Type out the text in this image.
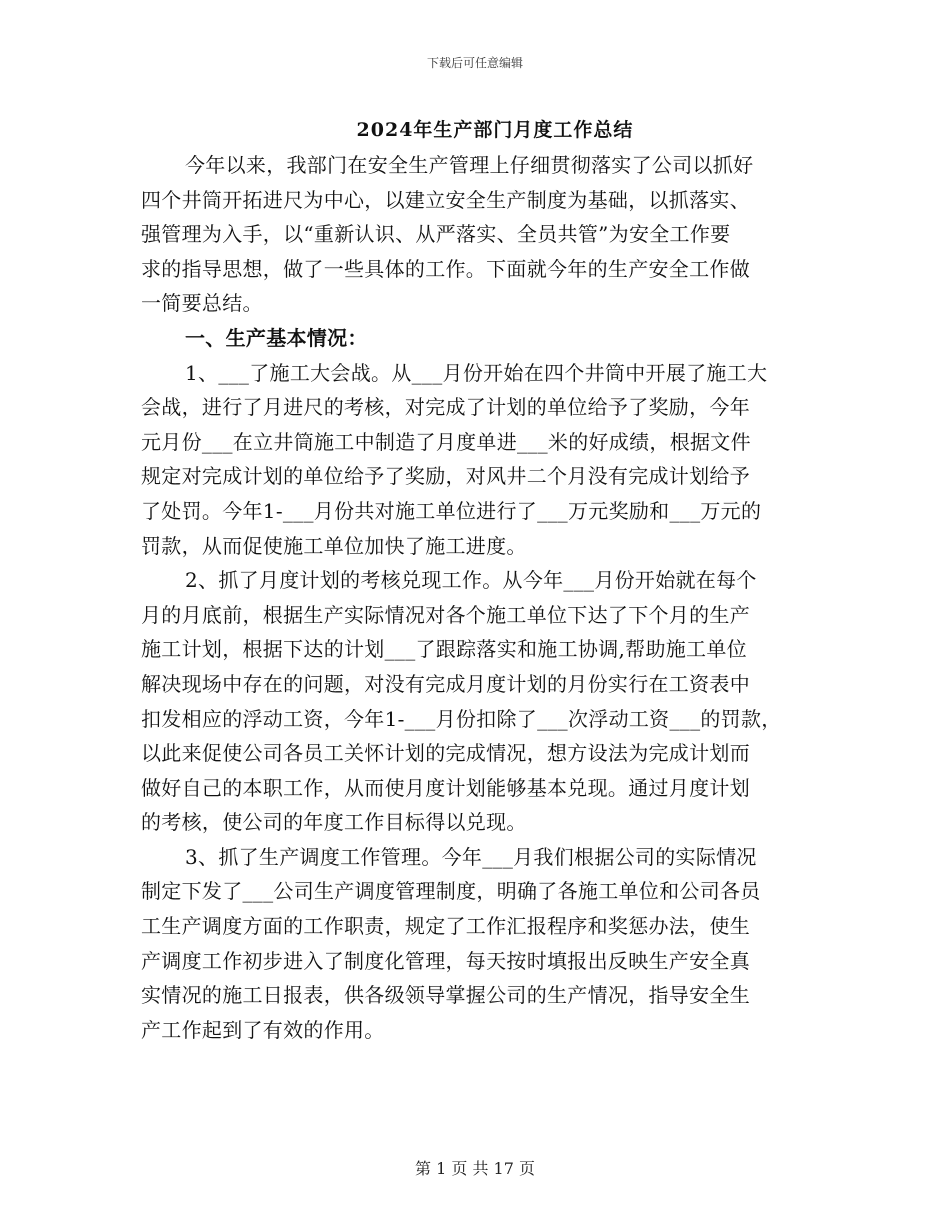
下载后可任意编辑
2024年生产部门月度工作总结
今年以来，我部门在安全生产管理上仔细贯彻落实了公司以抓好
四个井筒开拓进尺为中心，以建立安全生产制度为基础，以抓落实、
强管理为入手，以“重新认识、从严落实、全员共管”为安全工作要
求的指导思想，做了一些具体的工作。下面就今年的生产安全工作做
一简要总结。
一、生产基本情况：
1、___了施工大会战。从___月份开始在四个井筒中开展了施工大
会战，进行了月进尺的考核，对完成了计划的单位给予了奖励，今年
元月份___在立井筒施工中制造了月度单进___米的好成绩，根据文件
规定对完成计划的单位给予了奖励，对风井二个月没有完成计划给予
了处罚。今年1-___月份共对施工单位进行了___万元奖励和___万元的
罚款，从而促使施工单位加快了施工进度。
2、抓了月度计划的考核兑现工作。从今年___月份开始就在每个
月的月底前，根据生产实际情况对各个施工单位下达了下个月的生产
施工计划，根据下达的计划___了跟踪落实和施工协调,帮助施工单位
解决现场中存在的问题，对没有完成月度计划的月份实行在工资表中
扣发相应的浮动工资，今年1-___月份扣除了___次浮动工资___的罚款，
以此来促使公司各员工关怀计划的完成情况，想方设法为完成计划而
做好自己的本职工作，从而使月度计划能够基本兑现。通过月度计划
的考核，使公司的年度工作目标得以兑现。
3、抓了生产调度工作管理。今年___月我们根据公司的实际情况
制定下发了___公司生产调度管理制度，明确了各施工单位和公司各员
工生产调度方面的工作职责，规定了工作汇报程序和奖惩办法，使生
产调度工作初步进入了制度化管理，每天按时填报出反映生产安全真
实情况的施工日报表，供各级领导掌握公司的生产情况，指导安全生
产工作起到了有效的作用。
第 1 页 共 17 页
